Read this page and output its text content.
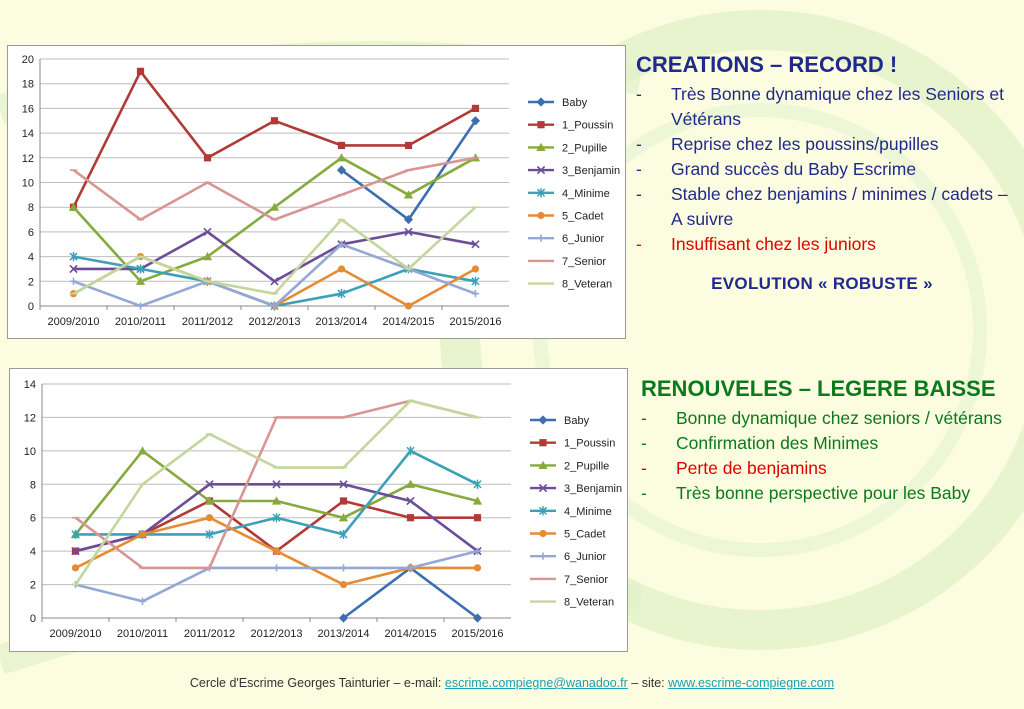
0
2
4
6
8
10
12
14
16
18
20
2009/2010 2010/2011 2011/2012 2012/2013 2013/2014 2014/2015 2015/2016
Baby
1_Poussin
2_Pupille
3_Benjamin
4_Minime
5_Cadet
6_Junior
7_Senior
8_Veteran
0
2
4
6
8
10
12
14
2009/2010 2010/2011 2011/2012 2012/2013 2013/2014 2014/2015 2015/2016
Baby
1_Poussin
2_Pupille
3_Benjamin
4_Minime
5_Cadet
6_Junior
7_Senior
8_Veteran
CREATIONS – RECORD !
- Très Bonne dynamique chez les Seniors et Vétérans
- Reprise chez les poussins/pupilles
- Grand succès du Baby Escrime
- Stable chez benjamins / minimes / cadets – A suivre
- Insuffisant chez les juniors
EVOLUTION « ROBUSTE »
RENOUVELES – LEGERE BAISSE
- Bonne dynamique chez seniors / vétérans
- Confirmation des Minimes
- Perte de benjamins
- Très bonne perspective pour les Baby
Cercle d'Escrime Georges Tainturier – e-mail: escrime.compiegne@wanadoo.fr – site: www.escrime-compiegne.com
